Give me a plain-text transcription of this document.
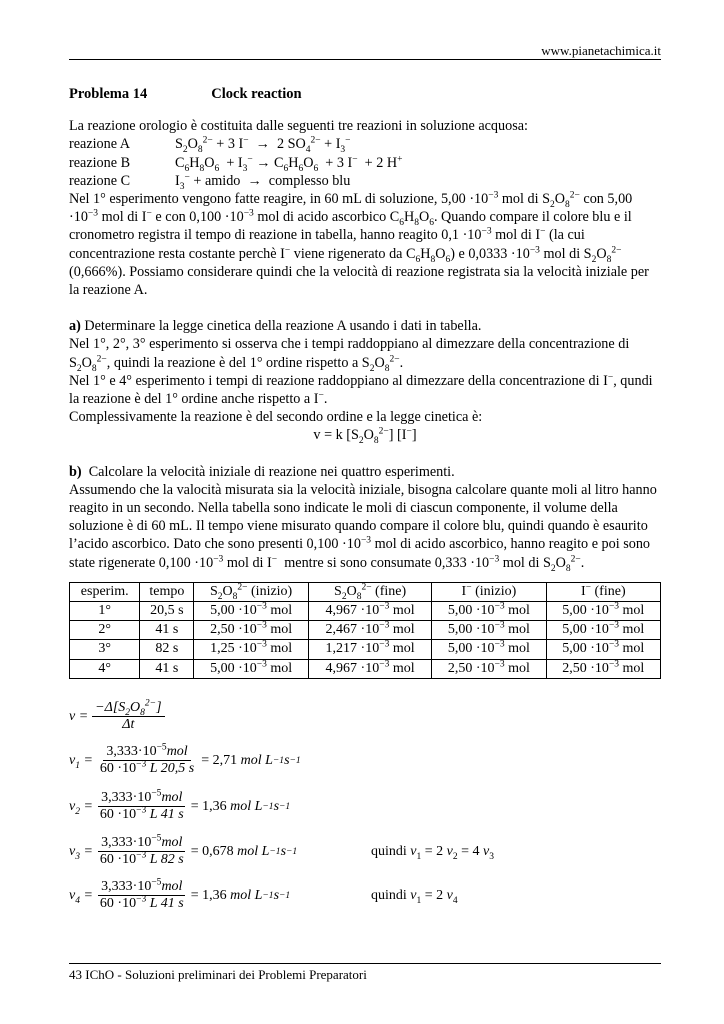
www.pianetachimica.it

Problema 14	Clock reaction

La reazione orologio è costituita dalle seguenti tre reazioni in soluzione acquosa:

reazione A	$S_2O_8^{2-} + 3$ I−  →  2 $SO_4^{2-} + I_3^-$
reazione B	$C_6H_8O_6 + I_3^- \to C_6H_6O_6 + 3$ I−  + 2 H+
reazione C	$I_3^-$ + amido  →  complesso blu

Nel 1° esperimento vengono fatte reagire, in 60 mL di soluzione, $5,00 \cdot 10^{-3}$ mol di $S_2O_8^{2-}$ con $5,00 \cdot 10^{-3}$ mol di I− e con $0,100 \cdot 10^{-3}$ mol di acido ascorbico $C_6H_8O_6$. Quando compare il colore blu e il cronometro registra il tempo di reazione in tabella, hanno reagito $0,1 \cdot 10^{-3}$ mol di I− (la cui concentrazione resta costante perchè I− viene rigenerato da $C_6H_8O_6$) e $0,0333 \cdot 10^{-3}$ mol di $S_2O_8^{2-}$ (0,666%). Possiamo considerare quindi che la velocità di reazione registrata sia la velocità iniziale per la reazione A.

a) Determinare la legge cinetica della reazione A usando i dati in tabella.

Nel 1°, 2°, 3° esperimento si osserva che i tempi raddoppiano al dimezzare della concentrazione di $S_2O_8^{2-}$, quindi la reazione è del 1° ordine rispetto a $S_2O_8^{2-}$.
Nel 1° e 4° esperimento i tempi di reazione raddoppiano al dimezzare della concentrazione di I−, qundi la reazione è del 1° ordine anche rispetto a I−.
Complessivamente la reazione è del secondo ordine e la legge cinetica è:

v = k $[S_2O_8^{2-}]$ [I−]

b) Calcolare la velocità iniziale di reazione nei quattro esperimenti.

Assumendo che la valocità misurata sia la velocità iniziale, bisogna calcolare quante moli al litro hanno reagito in un secondo. Nella tabella sono indicate le moli di ciascun componente, il volume della soluzione è di 60 mL. Il tempo viene misurato quando compare il colore blu, quindi quando è esaurito l’acido ascorbico. Dato che sono presenti $0,100 \cdot 10^{-3}$ mol di acido ascorbico, hanno reagito e poi sono state rigenerate $0,100 \cdot 10^{-3}$ mol di I−  mentre si sono consumate $0,333 \cdot 10^{-3}$ mol di $S_2O_8^{2-}$.

esperim.	tempo	$S_2O_8^{2-}$ (inizio)	$S_2O_8^{2-}$ (fine)	I− (inizio)	I− (fine)
1°	20,5 s	$5,00 \cdot 10^{-3}$ mol	$4,967 \cdot 10^{-3}$ mol	$5,00 \cdot 10^{-3}$ mol	$5,00 \cdot 10^{-3}$ mol
2°	41 s	$2,50 \cdot 10^{-3}$ mol	$2,467 \cdot 10^{-3}$ mol	$5,00 \cdot 10^{-3}$ mol	$5,00 \cdot 10^{-3}$ mol
3°	82 s	$1,25 \cdot 10^{-3}$ mol	$1,217 \cdot 10^{-3}$ mol	$5,00 \cdot 10^{-3}$ mol	$5,00 \cdot 10^{-3}$ mol
4°	41 s	$5,00 \cdot 10^{-3}$ mol	$4,967 \cdot 10^{-3}$ mol	$2,50 \cdot 10^{-3}$ mol	$2,50 \cdot 10^{-3}$ mol
$v = \frac{-\Delta[S_2O_8^{2-}]}{\Delta t}$
$v_1 = \frac{3,333\cdot 10^{-5}mol}{60 \cdot 10^{-3} L 20,5 s} = 2,71$
mol L −1 s −1
$v_2 = \frac{3,333\cdot 10^{-5}mol}{60 \cdot 10^{-3} L 41 s} = 1,36$
mol L −1 s −1
$v_3 = \frac{3,333\cdot 10^{-5}mol}{60 \cdot 10^{-3} L 82 s} = 0,678$
mol L −1 s −1	quindi $v_1 = 2$ $v_2 = 4$ $v_3$
$v_4 = \frac{3,333\cdot 10^{-5}mol}{60 \cdot 10^{-3} L 41 s} = 1,36$
mol L −1 s −1	quindi $v_1 = 2$ $v_4$
43 IChO - Soluzioni preliminari dei Problemi Preparatori
